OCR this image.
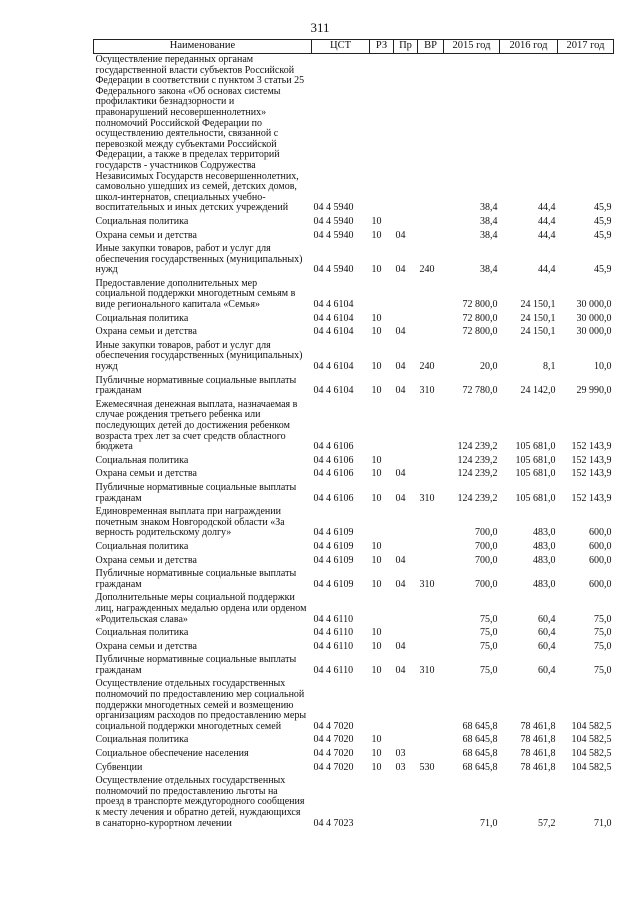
311
Наименование	ЦСТ	РЗ	Пр	ВР	2015 год	2016 год	2017 год
Осуществление переданных органам государственной власти субъектов Российской Федерации в соответствии с пунктом 3 статьи 25 Федерального закона «Об основах системы профилактики безнадзорности и правонарушений несовершеннолетних» полномочий Российской Федерации по осуществлению деятельности, связанной с перевозкой между субъектами Российской Федерации, а также в пределах территорий государств - участников Содружества Независимых Государств несовершеннолетних, самовольно ушедших из семей, детских домов, школ-интернатов, специальных учебно-воспитательных и иных детских учреждений	04 4 5940				38,4	44,4	45,9
Социальная политика	04 4 5940	10			38,4	44,4	45,9
Охрана семьи и детства	04 4 5940	10	04		38,4	44,4	45,9
Иные закупки товаров, работ и услуг для обеспечения государственных (муниципальных) нужд	04 4 5940	10	04	240	38,4	44,4	45,9
Предоставление дополнительных мер социальной поддержки многодетным семьям в виде регионального капитала «Семья»	04 4 6104				72 800,0	24 150,1	30 000,0
Социальная политика	04 4 6104	10			72 800,0	24 150,1	30 000,0
Охрана семьи и детства	04 4 6104	10	04		72 800,0	24 150,1	30 000,0
Иные закупки товаров, работ и услуг для обеспечения государственных (муниципальных) нужд	04 4 6104	10	04	240	20,0	8,1	10,0
Публичные нормативные социальные выплаты гражданам	04 4 6104	10	04	310	72 780,0	24 142,0	29 990,0
Ежемесячная денежная выплата, назначаемая в случае рождения третьего ребенка или последующих детей до достижения ребенком возраста трех лет за счет средств областного бюджета	04 4 6106				124 239,2	105 681,0	152 143,9
Социальная политика	04 4 6106	10			124 239,2	105 681,0	152 143,9
Охрана семьи и детства	04 4 6106	10	04		124 239,2	105 681,0	152 143,9
Публичные нормативные социальные выплаты гражданам	04 4 6106	10	04	310	124 239,2	105 681,0	152 143,9
Единовременная выплата при награждении почетным знаком Новгородской области «За верность родительскому долгу»	04 4 6109				700,0	483,0	600,0
Социальная политика	04 4 6109	10			700,0	483,0	600,0
Охрана семьи и детства	04 4 6109	10	04		700,0	483,0	600,0
Публичные нормативные социальные выплаты гражданам	04 4 6109	10	04	310	700,0	483,0	600,0
Дополнительные меры социальной поддержки лиц, награжденных медалью ордена или орденом «Родительская слава»	04 4 6110				75,0	60,4	75,0
Социальная политика	04 4 6110	10			75,0	60,4	75,0
Охрана семьи и детства	04 4 6110	10	04		75,0	60,4	75,0
Публичные нормативные социальные выплаты гражданам	04 4 6110	10	04	310	75,0	60,4	75,0
Осуществление отдельных государственных полномочий по предоставлению мер социальной поддержки многодетных семей и возмещению организациям расходов по предоставлению меры социальной поддержки многодетных семей	04 4 7020				68 645,8	78 461,8	104 582,5
Социальная политика	04 4 7020	10			68 645,8	78 461,8	104 582,5
Социальное обеспечение населения	04 4 7020	10	03		68 645,8	78 461,8	104 582,5
Субвенции	04 4 7020	10	03	530	68 645,8	78 461,8	104 582,5
Осуществление отдельных государственных полномочий по предоставлению льготы на проезд в транспорте междугородного сообщения к месту лечения и обратно детей, нуждающихся в санаторно-курортном лечении	04 4 7023				71,0	57,2	71,0
